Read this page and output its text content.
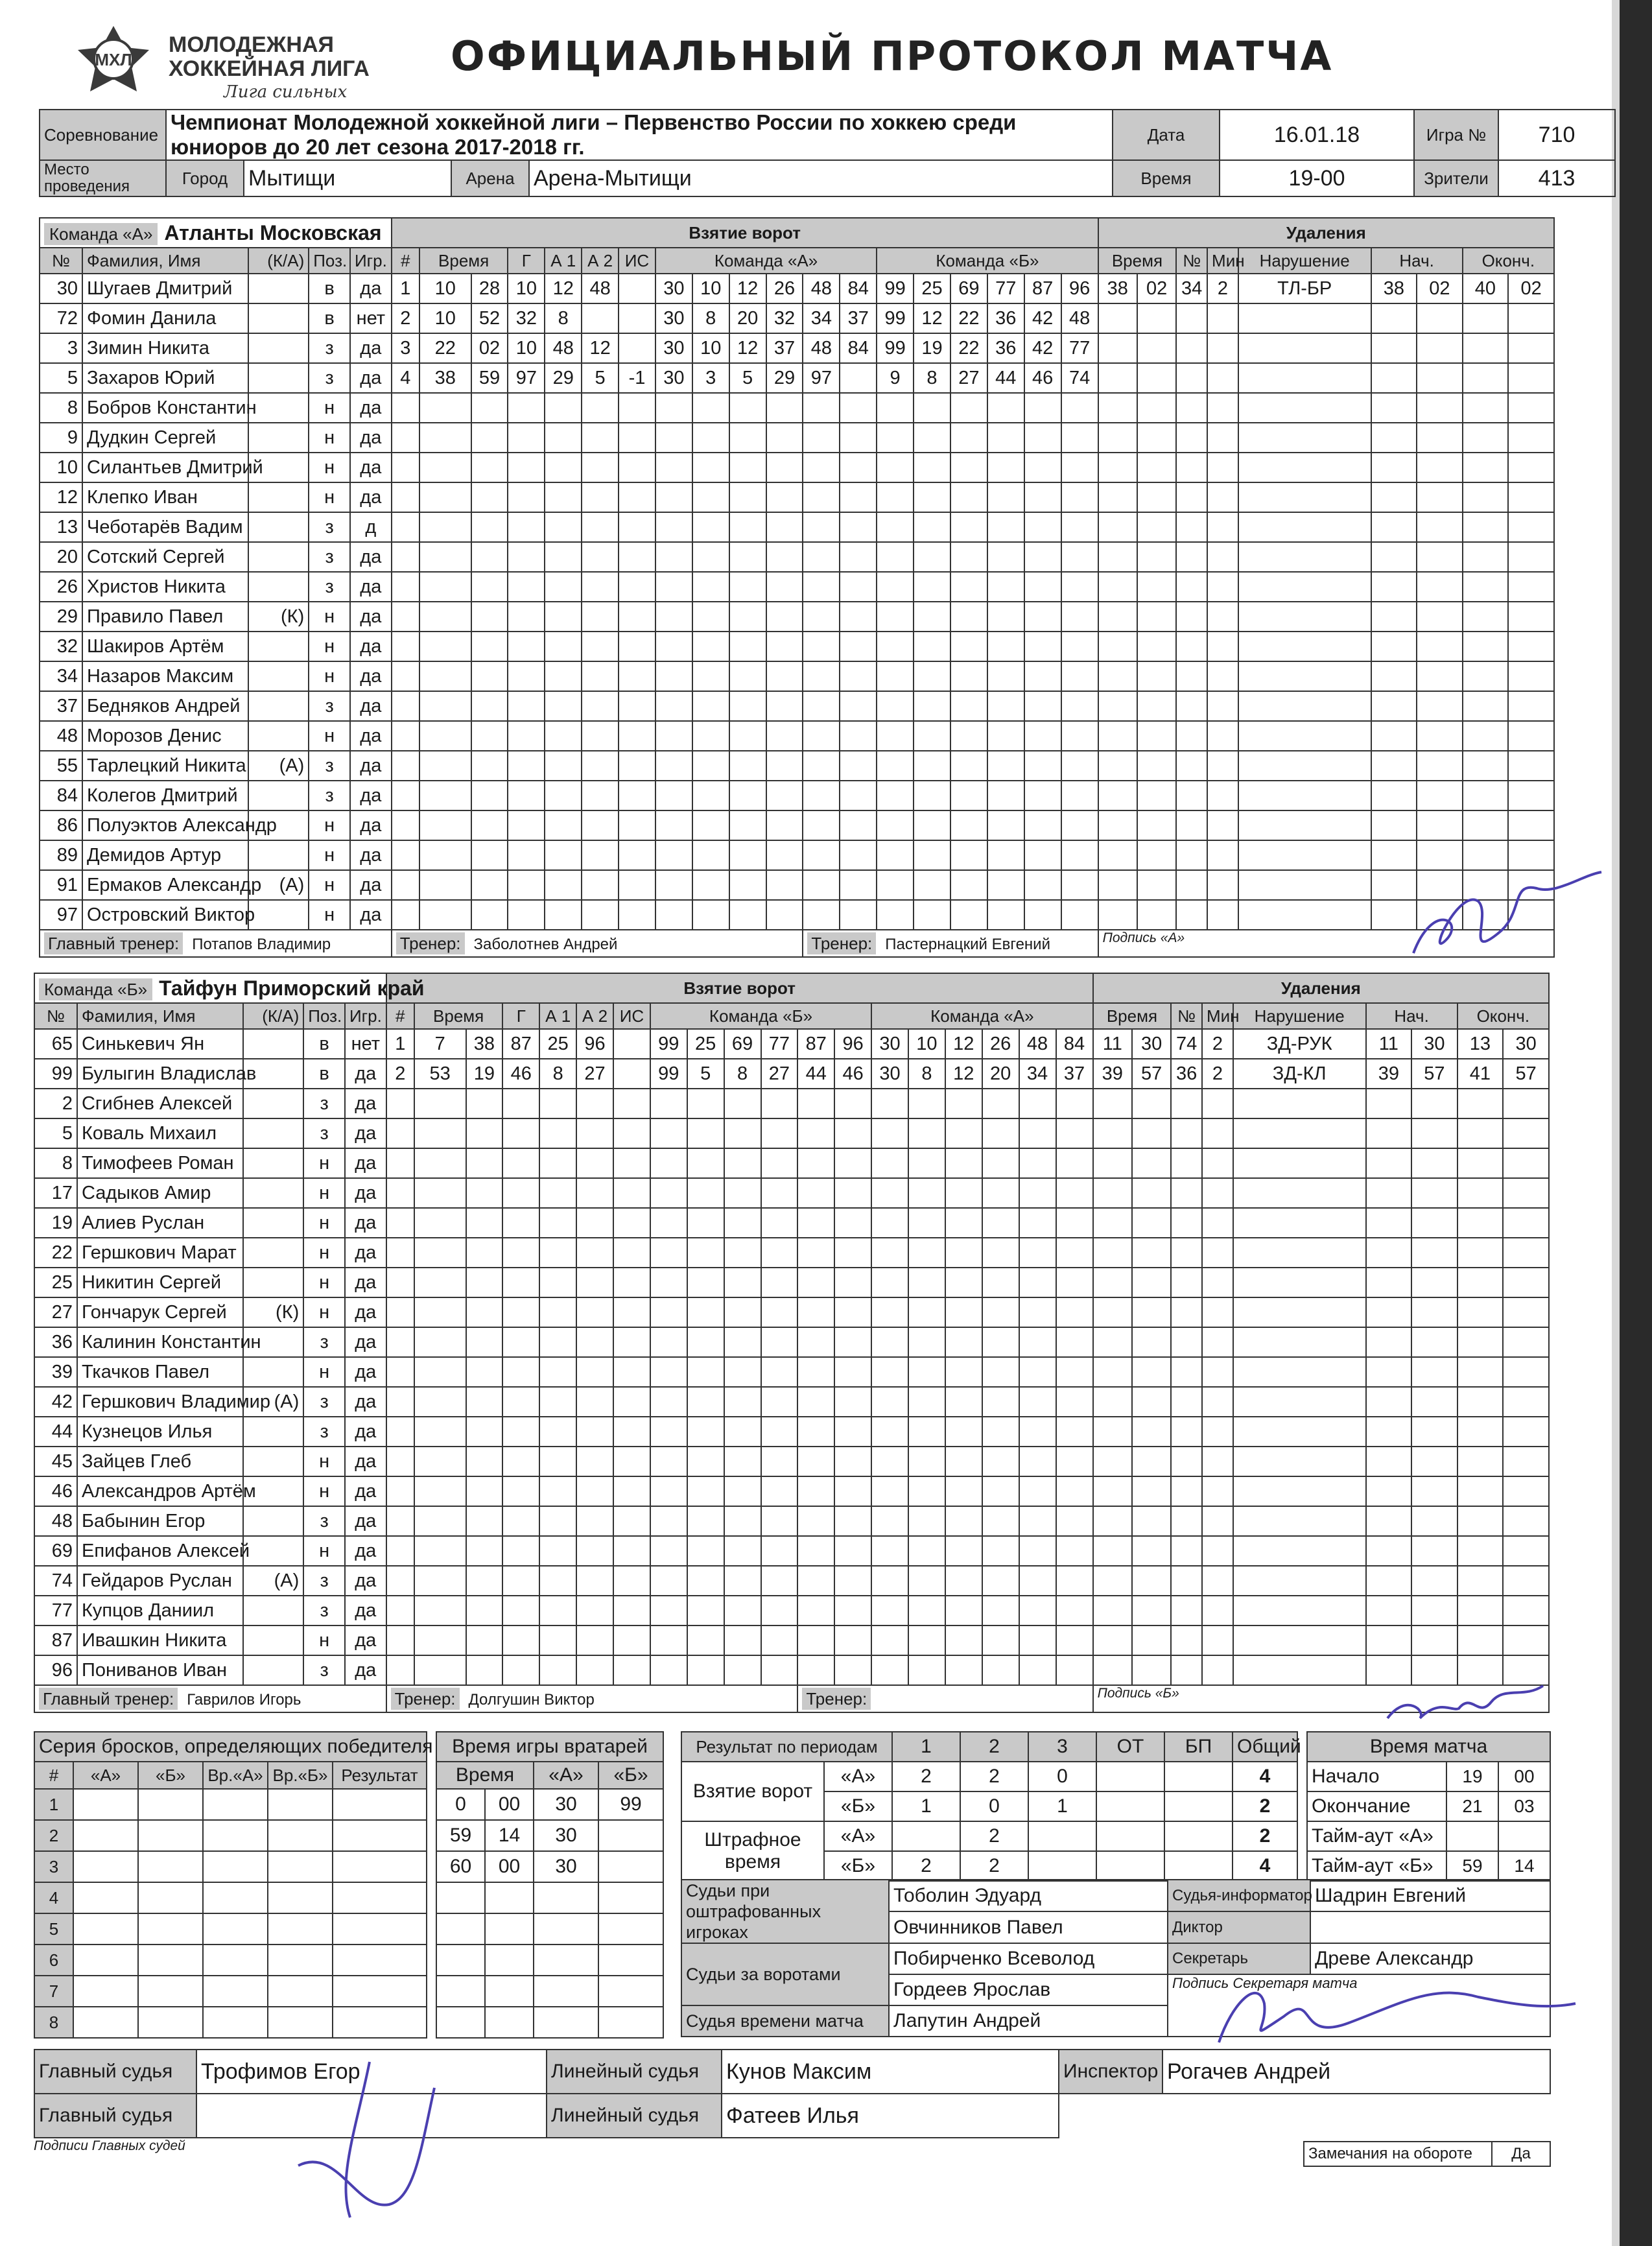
МХЛ
МОЛОДЕЖНАЯ
ХОККЕЙНАЯ ЛИГА
Лига сильных
ОФИЦИАЛЬНЫЙ ПРОТОКОЛ МАТЧА
Соревнование	Чемпионат Молодежной хоккейной лиги – Первенство России по хоккею среди
юниоров до 20 лет сезона 2017-2018 гг.				Дата	16.01.18	Игра №	710
Место проведения	Город	Мытищи	Арена	Арена-Мытищи	Время	19-00	Зрители	413
Команда «А» Атланты Московская					Взятие ворот																			Удаления								
№	Фамилия, Имя	(К/А)	Поз.	Игр.	#	Время		Г	А 1	А 2	ИС	Команда «А»						Команда «Б»						Время		№	Мин	Нарушение	Нач.		Оконч.	
30	Шугаев Дмитрий		в	да	1	10	28	10	12	48		30	10	12	26	48	84	99	25	69	77	87	96	38	02	34	2	ТЛ-БР	38	02	40	02
72	Фомин Данила		в	нет	2	10	52	32	8			30	8	20	32	34	37	99	12	22	36	42	48									
3	Зимин Никита		з	да	3	22	02	10	48	12		30	10	12	37	48	84	99	19	22	36	42	77									
5	Захаров Юрий		з	да	4	38	59	97	29	5	-1	30	3	5	29	97		9	8	27	44	46	74									
8	Бобров Константин		н	да																												
9	Дудкин Сергей		н	да																												
10	Силантьев Дмитрий		н	да																												
12	Клепко Иван		н	да																												
13	Чеботарёв Вадим		з	д																												
20	Сотский Сергей		з	да																												
26	Христов Никита		з	да																												
29	Правило Павел	(К)	н	да																												
32	Шакиров Артём		н	да																												
34	Назаров Максим		н	да																												
37	Бедняков Андрей		з	да																												
48	Морозов Денис		н	да																												
55	Тарлецкий Никита	(А)	з	да																												
84	Колегов Дмитрий		з	да																												
86	Полуэктов Александр		н	да																												
89	Демидов Артур		н	да																												
91	Ермаков Александр	(А)	н	да																												
97	Островский Виктор		н	да																												
Главный тренер: Потапов Владимир					Тренер: Заболотнев Андрей											Тренер: Пастернацкий Евгений								Подпись «А»								
Команда «Б» Тайфун Приморский край					Взятие ворот																			Удаления								
№	Фамилия, Имя	(К/А)	Поз.	Игр.	#	Время		Г	А 1	А 2	ИС	Команда «Б»						Команда «А»						Время		№	Мин	Нарушение	Нач.		Оконч.	
65	Синькевич Ян		в	нет	1	7	38	87	25	96		99	25	69	77	87	96	30	10	12	26	48	84	11	30	74	2	ЗД-РУК	11	30	13	30
99	Булыгин Владислав		в	да	2	53	19	46	8	27		99	5	8	27	44	46	30	8	12	20	34	37	39	57	36	2	ЗД-КЛ	39	57	41	57
2	Сгибнев Алексей		з	да																												
5	Коваль Михаил		з	да																												
8	Тимофеев Роман		н	да																												
17	Садыков Амир		н	да																												
19	Алиев Руслан		н	да																												
22	Гершкович Марат		н	да																												
25	Никитин Сергей		н	да																												
27	Гончарук Сергей	(К)	н	да																												
36	Калинин Константин		з	да																												
39	Ткачков Павел		н	да																												
42	Гершкович Владимир	(А)	з	да																												
44	Кузнецов Илья		з	да																												
45	Зайцев Глеб		н	да																												
46	Александров Артём		н	да																												
48	Бабынин Егор		з	да																												
69	Епифанов Алексей		н	да																												
74	Гейдаров Руслан	(А)	з	да																												
77	Купцов Даниил		з	да																												
87	Ивашкин Никита		н	да																												
96	Пониванов Иван		з	да																												
Главный тренер: Гаврилов Игорь					Тренер: Долгушин Виктор											Тренер:								Подпись «Б»								
Серия бросков, определяющих победителя					
#	«А»	«Б»	Вр.«А»	Вр.«Б»	Результат
1					
2					
3					
4					
5					
6					
7					
8					
Время игры вратарей			
Время		«А»	«Б»
0	00	30	99
59	14	30	
60	00	30	

Результат по периодам		1	2	3	ОТ	БП	Общий
Взятие ворот	«А»	2	2	0			4
	«Б»	1	0	1			2
Штрафное время	«А»		2				2
	«Б»	2	2				4
Время матча		
Начало	19	00
Окончание	21	03
Тайм-аут «А»		
Тайм-аут «Б»	59	14
Судьи при оштрафованных игроках	Тоболин Эдуард	Судья-информатор	Шадрин Евгений
	Овчинников Павел	Диктор	
Судьи за воротами	Побирченко Всеволод	Секретарь	Древе Александр
	Гордеев Ярослав	Подпись Секретаря матча	
Судья времени матча	Лапутин Андрей		
Главный судья	Трофимов Егор	Линейный судья	Кунов Максим	Инспектор	Рогачев Андрей
Главный судья		Линейный судья	Фатеев Илья		
Подписи Главных судей	Замечания на обороте	Да
